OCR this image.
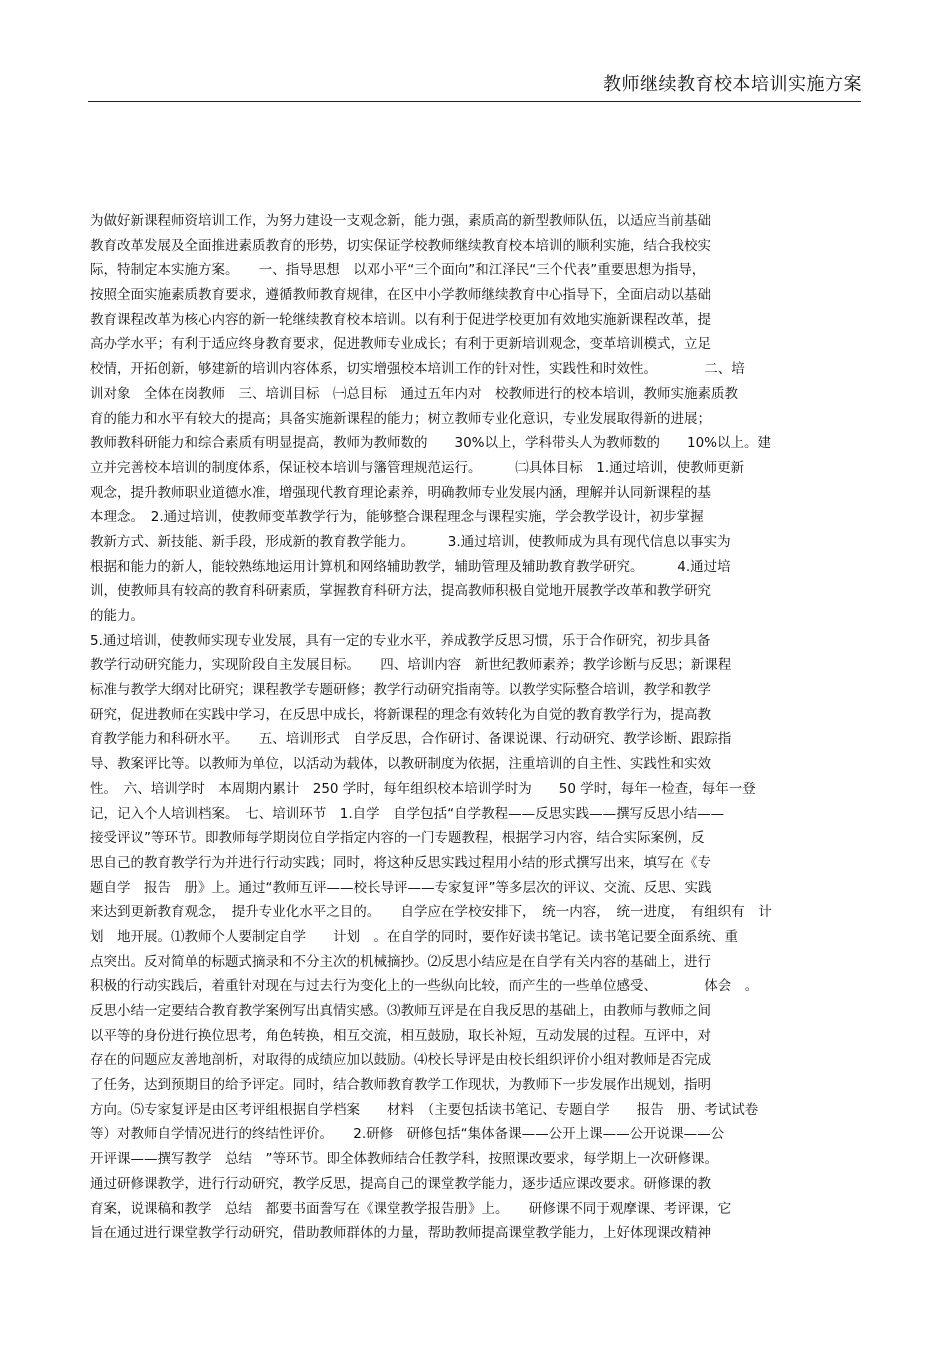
教师继续教育校本培训实施方案
为做好新课程师资培训工作，为努力建设一支观念新，能力强，素质高的新型教师队伍，以适应当前基础
教育改革发展及全面推进素质教育的形势，切实保证学校教师继续教育校本培训的顺利实施，结合我校实
际，特制定本实施方案。　　一、指导思想　以邓小平“三个面向”和江泽民“三个代表”重要思想为指导，
按照全面实施素质教育要求，遵循教师教育规律，在区中小学教师继续教育中心指导下，全面启动以基础
教育课程改革为核心内容的新一轮继续教育校本培训。以有利于促进学校更加有效地实施新课程改革，提
高办学水平；有利于适应终身教育要求，促进教师专业成长；有利于更新培训观念，变革培训模式，立足
校情，开拓创新，够建新的培训内容体系，切实增强校本培训工作的针对性，实践性和时效性。　　　　二、培
训对象　全体在岗教师　三、培训目标　㈠总目标　通过五年内对　校教师进行的校本培训，教师实施素质教
育的能力和水平有较大的提高；具备实施新课程的能力；树立教师专业化意识，专业发展取得新的进展；
教师教科研能力和综合素质有明显提高，教师为教师数的　　30%以上，学科带头人为教师数的　　10%以上。建
立并完善校本培训的制度体系，保证校本培训与籓管理规范运行。　　　㈡具体目标　1.通过培训，使教师更新
观念，提升教师职业道德水准，增强现代教育理论素养，明确教师专业发展内涵，理解并认同新课程的基
本理念。　2.通过培训，使教师变革教学行为，能够整合课程理念与课程实施，学会教学设计，初步掌握
教新方式、新技能、新手段，形成新的教育教学能力。　　　3.通过培训，使教师成为具有现代信息以事实为
根据和能力的新人，能较熟练地运用计算机和网络辅助教学，辅助管理及辅助教育教学研究。　　　4.通过培
训，使教师具有较高的教育科研素质，掌握教育科研方法，提高教师积极自觉地开展教学改革和教学研究
的能力。
5.通过培训，使教师实现专业发展，具有一定的专业水平，养成教学反思习惯，乐于合作研究，初步具备
教学行动研究能力，实现阶段自主发展目标。　　四、培训内容　新世纪教师素养；教学诊断与反思；新课程
标准与教学大纲对比研究；课程教学专题研修；教学行动研究指南等。以教学实际整合培训，教学和教学
研究，促进教师在实践中学习，在反思中成长，将新课程的理念有效转化为自觉的教育教学行为，提高教
育教学能力和科研水平。　　五、培训形式　自学反思，合作研讨、备课说课、行动研究、教学诊断、跟踪指
导、教案评比等。以教师为单位，以活动为载体，以教研制度为依据，注重培训的自主性、实践性和实效
性。　六、培训学时　本周期内累计　250 学时，每年组织校本培训学时为　　50 学时，每年一检查，每年一登
记，记入个人培训档案。　七、培训环节　1.自学　自学包括“自学教程——反思实践——撰写反思小结——
接受评议”等环节。即教师每学期岗位自学指定内容的一门专题教程，根据学习内容，结合实际案例，反
思自己的教育教学行为并进行行动实践；同时，将这种反思实践过程用小结的形式撰写出来，填写在《专
题自学　报告　册》上。通过“教师互评——校长导评——专家复评”等多层次的评议、交流、反思、实践
来达到更新教育观念，　提升专业化水平之目的。　　自学应在学校安排下，　统一内容，　统一进度，　有组织有　计
划　地开展。⑴教师个人要制定自学　　计划　。在自学的同时，要作好读书笔记。读书笔记要全面系统、重
点突出。反对简单的标题式摘录和不分主次的机械摘抄。⑵反思小结应是在自学有关内容的基础上，进行
积极的行动实践后，着重针对现在与过去行为变化上的一些纵向比较，而产生的一些单位感受、　　　　体会　。
反思小结一定要结合教育教学案例写出真情实感。⑶教师互评是在自我反思的基础上，由教师与教师之间
以平等的身份进行换位思考，角色转换，相互交流，相互鼓励，取长补短，互动发展的过程。互评中，对
存在的问题应友善地剖析，对取得的成绩应加以鼓励。⑷校长导评是由校长组织评价小组对教师是否完成
了任务，达到预期目的给予评定。同时，结合教师教育教学工作现状，为教师下一步发展作出规划，指明
方向。⑸专家复评是由区考评组根据自学档案　　材料　（主要包括读书笔记、专题自学　　报告　册、考试试卷
等）对教师自学情况进行的终结性评价。　　2.研修　研修包括“集体备课——公开上课——公开说课——公
开评课——撰写教学　总结　”等环节。即全体教师结合任教学科，按照课改要求，每学期上一次研修课。
通过研修课教学，进行行动研究，教学反思，提高自己的课堂教学能力，逐步适应课改要求。研修课的教
育案，说课稿和教学　总结　都要书面誊写在《课堂教学报告册》上。　　研修课不同于观摩课、考评课，它
旨在通过进行课堂教学行动研究，借助教师群体的力量，帮助教师提高课堂教学能力，上好体现课改精神
